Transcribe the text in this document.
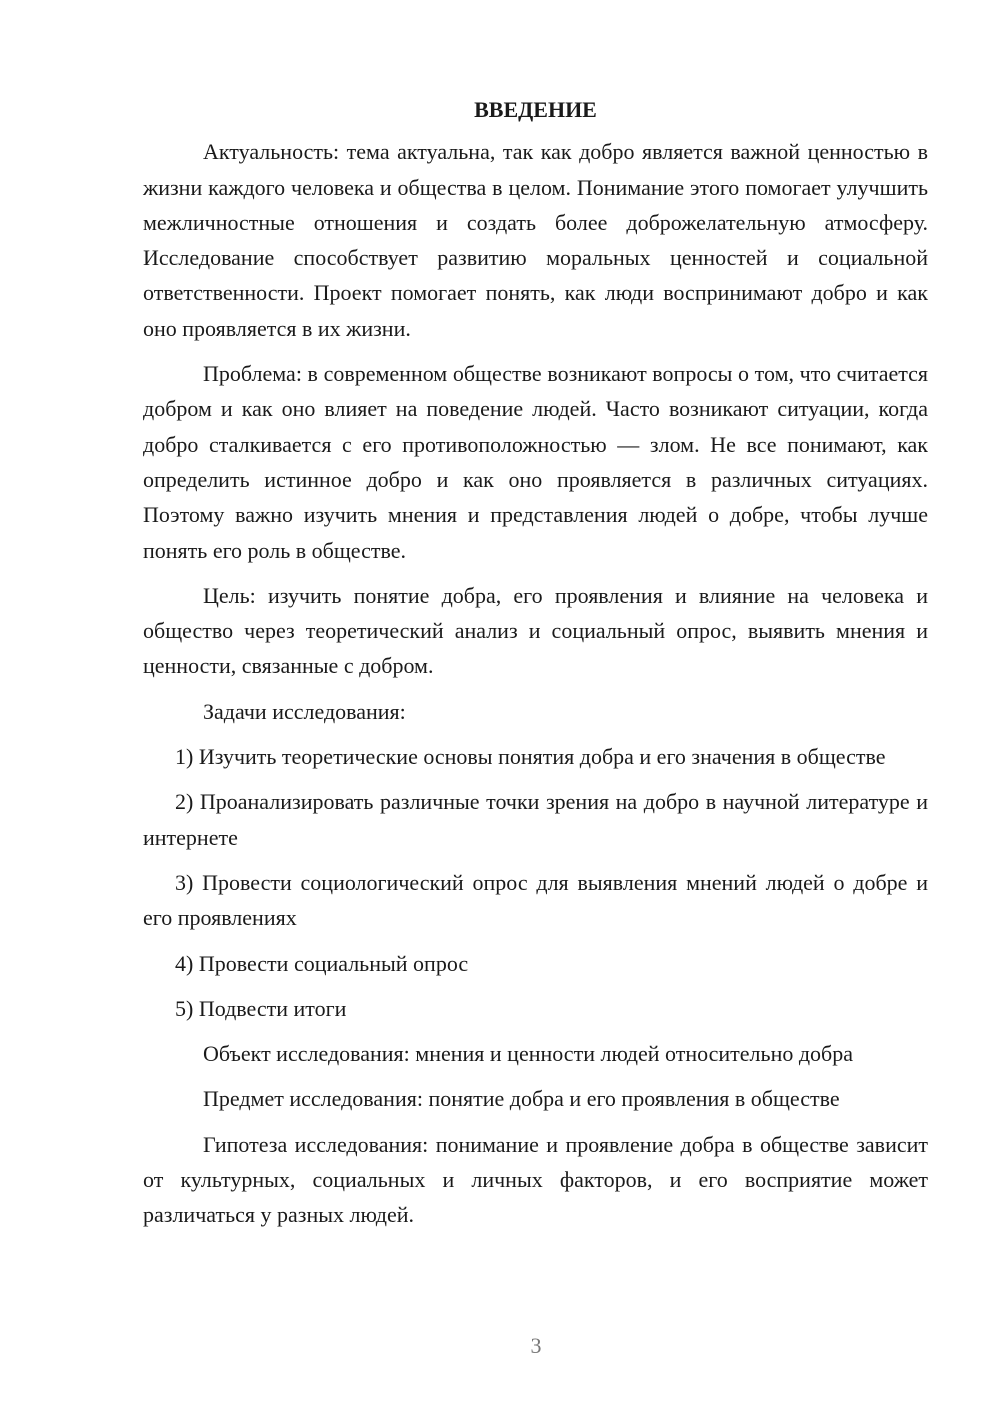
ВВЕДЕНИЕ

Актуальность: тема актуальна, так как добро является важной ценностью в жизни каждого человека и общества в целом. Понимание этого помогает улучшить межличностные отношения и создать более доброжелательную атмосферу. Исследование способствует развитию моральных ценностей и социальной ответственности. Проект помогает понять, как люди воспринимают добро и как оно проявляется в их жизни.

Проблема: в современном обществе возникают вопросы о том, что считается добром и как оно влияет на поведение людей. Часто возникают ситуации, когда добро сталкивается с его противоположностью — злом. Не все понимают, как определить истинное добро и как оно проявляется в различных ситуациях. Поэтому важно изучить мнения и представления людей о добре, чтобы лучше понять его роль в обществе.

Цель: изучить понятие добра, его проявления и влияние на человека и общество через теоретический анализ и социальный опрос, выявить мнения и ценности, связанные с добром.

Задачи исследования:

1) Изучить теоретические основы понятия добра и его значения в обществе

2) Проанализировать различные точки зрения на добро в научной литературе и интернете

3) Провести социологический опрос для выявления мнений людей о добре и его проявлениях

4) Провести социальный опрос

5) Подвести итоги

Объект исследования: мнения и ценности людей относительно добра

Предмет исследования: понятие добра и его проявления в обществе

Гипотеза исследования: понимание и проявление добра в обществе зависит от культурных, социальных и личных факторов, и его восприятие может различаться у разных людей.

3
